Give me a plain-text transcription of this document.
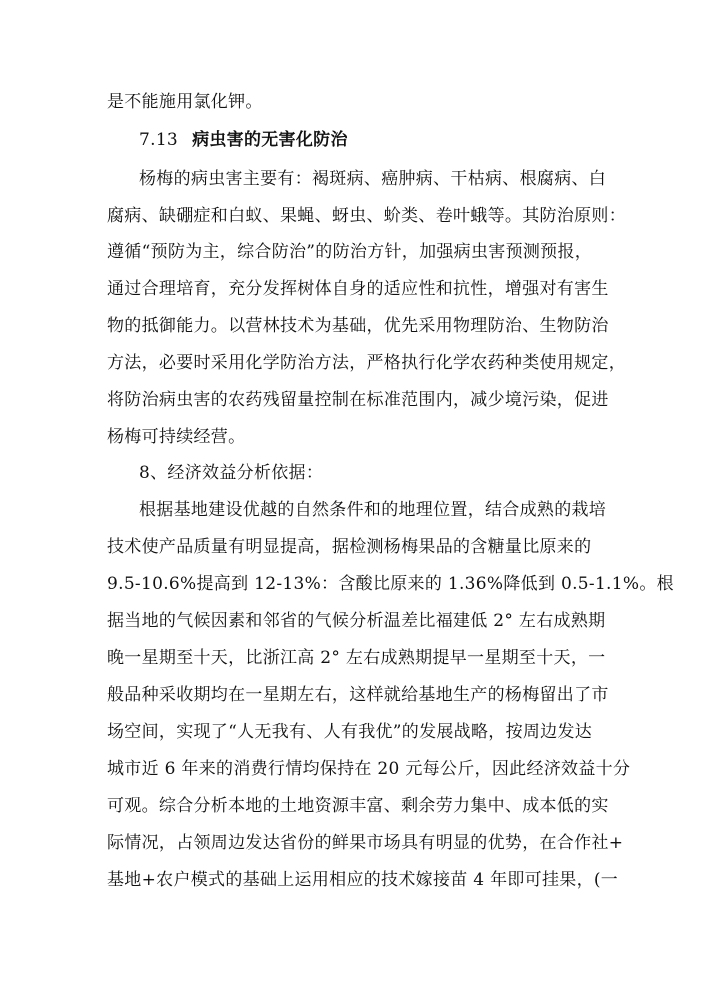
是不能施用氯化钾。
7.13 病虫害的无害化防治
杨梅的病虫害主要有：褐斑病、癌肿病、干枯病、根腐病、白
腐病、缺硼症和白蚁、果蝇、蚜虫、蚧类、卷叶蛾等。其防治原则：
遵循“预防为主，综合防治”的防治方针，加强病虫害预测预报，
通过合理培育，充分发挥树体自身的适应性和抗性，增强对有害生
物的抵御能力。以营林技术为基础，优先采用物理防治、生物防治
方法，必要时采用化学防治方法，严格执行化学农药种类使用规定，
将防治病虫害的农药残留量控制在标准范围内，减少境污染，促进
杨梅可持续经营。
8、经济效益分析依据：
根据基地建设优越的自然条件和的地理位置，结合成熟的栽培
技术使产品质量有明显提高，据检测杨梅果品的含糖量比原来的
9.5-10.6%提高到 12-13%：含酸比原来的 1.36%降低到 0.5-1.1%。根
据当地的气候因素和邻省的气候分析温差比福建低 2° 左右成熟期
晚一星期至十天，比浙江高 2° 左右成熟期提早一星期至十天，一
般品种采收期均在一星期左右，这样就给基地生产的杨梅留出了市
场空间，实现了“人无我有、人有我优”的发展战略，按周边发达
城市近 6 年来的消费行情均保持在 20 元每公斤，因此经济效益十分
可观。综合分析本地的土地资源丰富、剩余劳力集中、成本低的实
际情况，占领周边发达省份的鲜果市场具有明显的优势，在合作社+
基地+农户模式的基础上运用相应的技术嫁接苗 4 年即可挂果，(一
